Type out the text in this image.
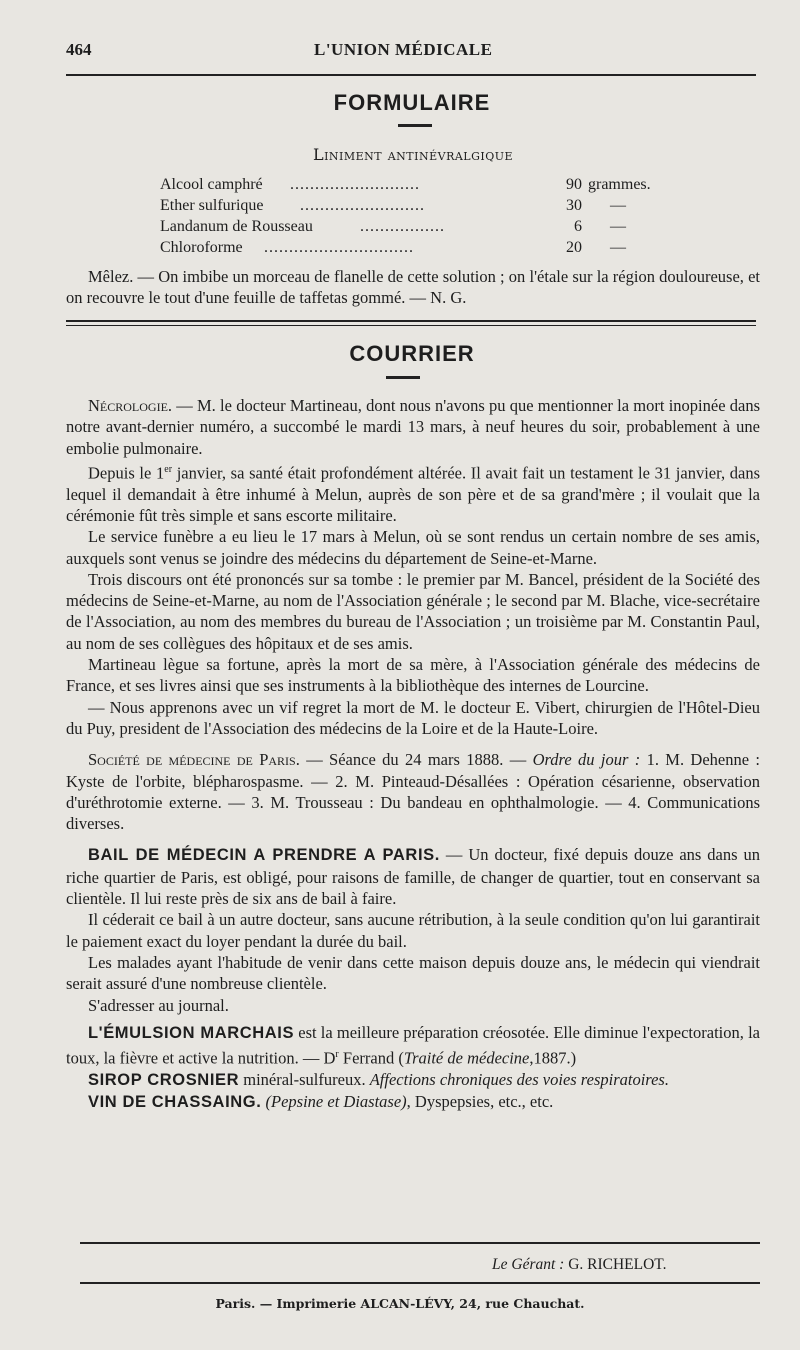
464	L'UNION MÉDICALE
FORMULAIRE
Liniment antinévralgique
Alcool camphré ..........................	90 grammes.
Ether sulfurique .........................	30 —
Landanum de Rousseau	.................	6 —
Chloroforme ..............................	20 —

Mêlez. — On imbibe un morceau de flanelle de cette solution ; on l'étale sur la région douloureuse, et on recouvre le tout d'une feuille de taffetas gommé. — N. G.

COURRIER

Nécrologie. — M. le docteur Martineau, dont nous n'avons pu que mentionner la mort inopinée dans notre avant-dernier numéro, a succombé le mardi 13 mars, à neuf heures du soir, probablement à une embolie pulmonaire.

Depuis le 1er janvier, sa santé était profondément altérée. Il avait fait un testament le 31 janvier, dans lequel il demandait à être inhumé à Melun, auprès de son père et de sa grand'mère ; il voulait que la cérémonie fût très simple et sans escorte militaire.

Le service funèbre a eu lieu le 17 mars à Melun, où se sont rendus un certain nombre de ses amis, auxquels sont venus se joindre des médecins du département de Seine-et-Marne.

Trois discours ont été prononcés sur sa tombe : le premier par M. Bancel, président de la Société des médecins de Seine-et-Marne, au nom de l'Association générale ; le second par M. Blache, vice-secrétaire de l'Association, au nom des membres du bureau de l'Association ; un troisième par M. Constantin Paul, au nom de ses collègues des hôpitaux et de ses amis.

Martineau lègue sa fortune, après la mort de sa mère, à l'Association générale des médecins de France, et ses livres ainsi que ses instruments à la bibliothèque des internes de Lourcine.

— Nous apprenons avec un vif regret la mort de M. le docteur E. Vibert, chirurgien de l'Hôtel-Dieu du Puy, president de l'Association des médecins de la Loire et de la Haute-Loire.

Société de médecine de Paris. — Séance du 24 mars 1888. — Ordre du jour : 1. M. Dehenne : Kyste de l'orbite, blépharospasme. — 2. M. Pinteaud-Désallées : Opération césarienne, observation d'uréthrotomie externe. — 3. M. Trousseau : Du bandeau en ophthalmologie. — 4. Communications diverses.

BAIL DE MÉDECIN A PRENDRE A PARIS. — Un docteur, fixé depuis douze ans dans un riche quartier de Paris, est obligé, pour raisons de famille, de changer de quartier, tout en conservant sa clientèle. Il lui reste près de six ans de bail à faire.

Il céderait ce bail à un autre docteur, sans aucune rétribution, à la seule condition qu'on lui garantirait le paiement exact du loyer pendant la durée du bail.

Les malades ayant l'habitude de venir dans cette maison depuis douze ans, le médecin qui viendrait serait assuré d'une nombreuse clientèle.

S'adresser au journal.

L'ÉMULSION MARCHAIS est la meilleure préparation créosotée. Elle diminue l'expectoration, la toux, la fièvre et active la nutrition. — $D^r$ Ferrand (Traité de médecine,1887.)

SIROP CROSNIER minéral-sulfureux. Affections chroniques des voies respiratoires.

VIN DE CHASSAING. (Pepsine et Diastase), Dyspepsies, etc., etc.

Le Gérant : G. RICHELOT.
Paris. — Imprimerie ALCAN-LÉVY, 24, rue Chauchat.
